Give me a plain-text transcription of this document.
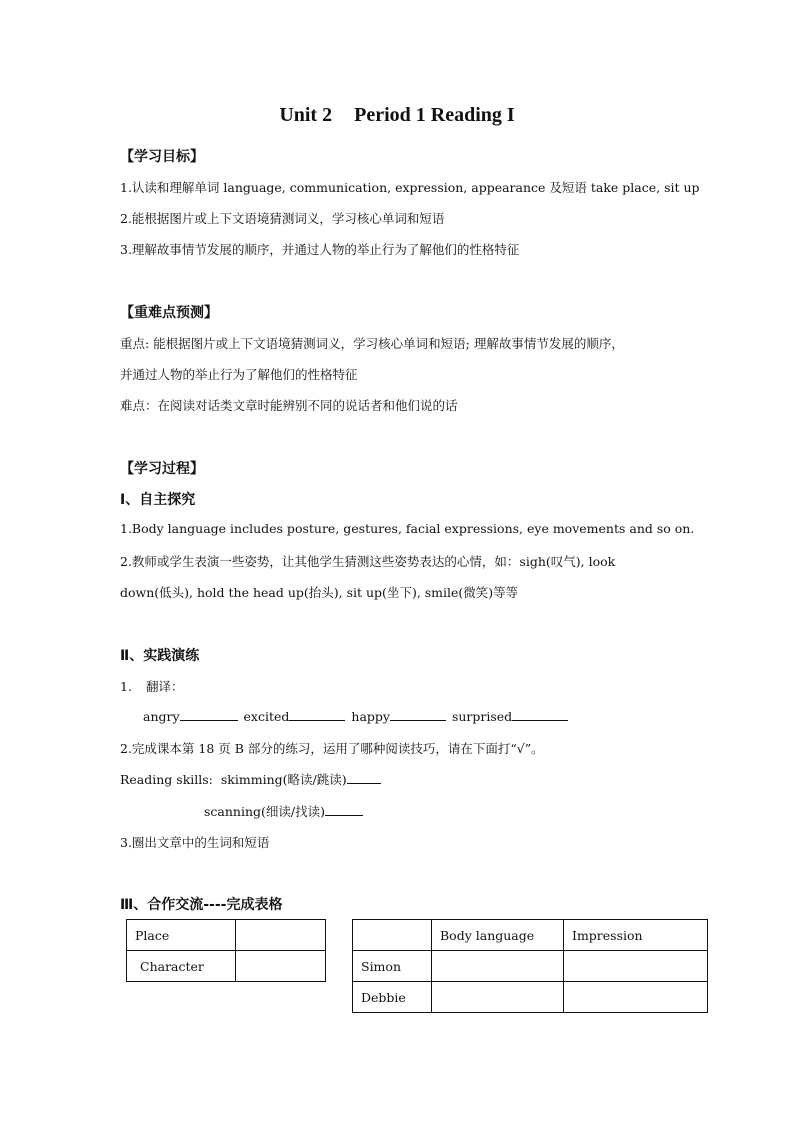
Unit 2 Period 1 Reading I
【学习目标】
1.认读和理解单词 language, communication, expression, appearance 及短语 take place, sit up
2.能根据图片或上下文语境猜测词义，学习核心单词和短语
3.理解故事情节发展的顺序，并通过人物的举止行为了解他们的性格特征
【重难点预测】
重点: 能根据图片或上下文语境猜测词义，学习核心单词和短语; 理解故事情节发展的顺序，
并通过人物的举止行为了解他们的性格特征
难点：在阅读对话类文章时能辨别不同的说话者和他们说的话
【学习过程】
Ⅰ、自主探究
1.Body language includes posture, gestures, facial expressions, eye movements and so on.
2.教师或学生表演一些姿势，让其他学生猜测这些姿势表达的心情，如：sigh(叹气), look
down(低头), hold the head up(抬头), sit up(坐下), smile(微笑)等等
Ⅱ、实践演练
1. 翻译：
angry	excited	happy	surprised
2.完成课本第 18 页 B 部分的练习，运用了哪种阅读技巧，请在下面打“√”。
Reading skills: skimming(略读/跳读)
scanning(细读/找读)
3.圈出文章中的生词和短语
Ⅲ、合作交流----完成表格
Place	
Character	
	Body language	Impression
Simon		
Debbie		
